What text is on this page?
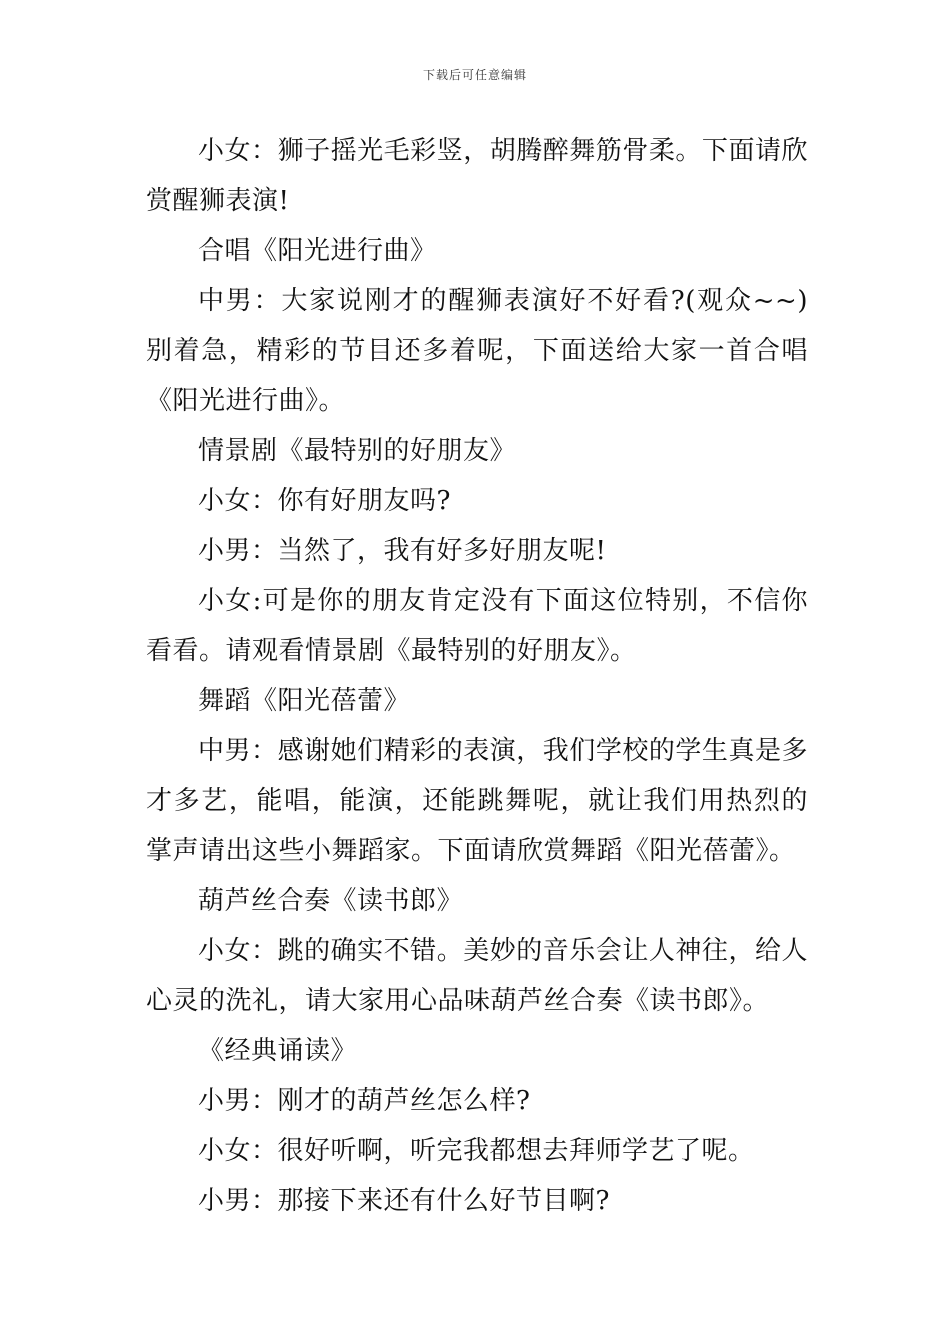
下载后可任意编辑

小女：狮子摇光毛彩竖，胡腾醉舞筋骨柔。下面请欣赏醒狮表演!

合唱《阳光进行曲》

中男：大家说刚才的醒狮表演好不好看?(观众~~)别着急，精彩的节目还多着呢，下面送给大家一首合唱《阳光进行曲》。

情景剧《最特别的好朋友》

小女：你有好朋友吗?

小男：当然了，我有好多好朋友呢!

小女:可是你的朋友肯定没有下面这位特别，不信你看看。请观看情景剧《最特别的好朋友》。

舞蹈《阳光蓓蕾》

中男：感谢她们精彩的表演，我们学校的学生真是多才多艺，能唱，能演，还能跳舞呢，就让我们用热烈的掌声请出这些小舞蹈家。下面请欣赏舞蹈《阳光蓓蕾》。

葫芦丝合奏《读书郎》

小女：跳的确实不错。美妙的音乐会让人神往，给人心灵的洗礼，请大家用心品味葫芦丝合奏《读书郎》。

《经典诵读》

小男：刚才的葫芦丝怎么样?

小女：很好听啊，听完我都想去拜师学艺了呢。

小男：那接下来还有什么好节目啊?
